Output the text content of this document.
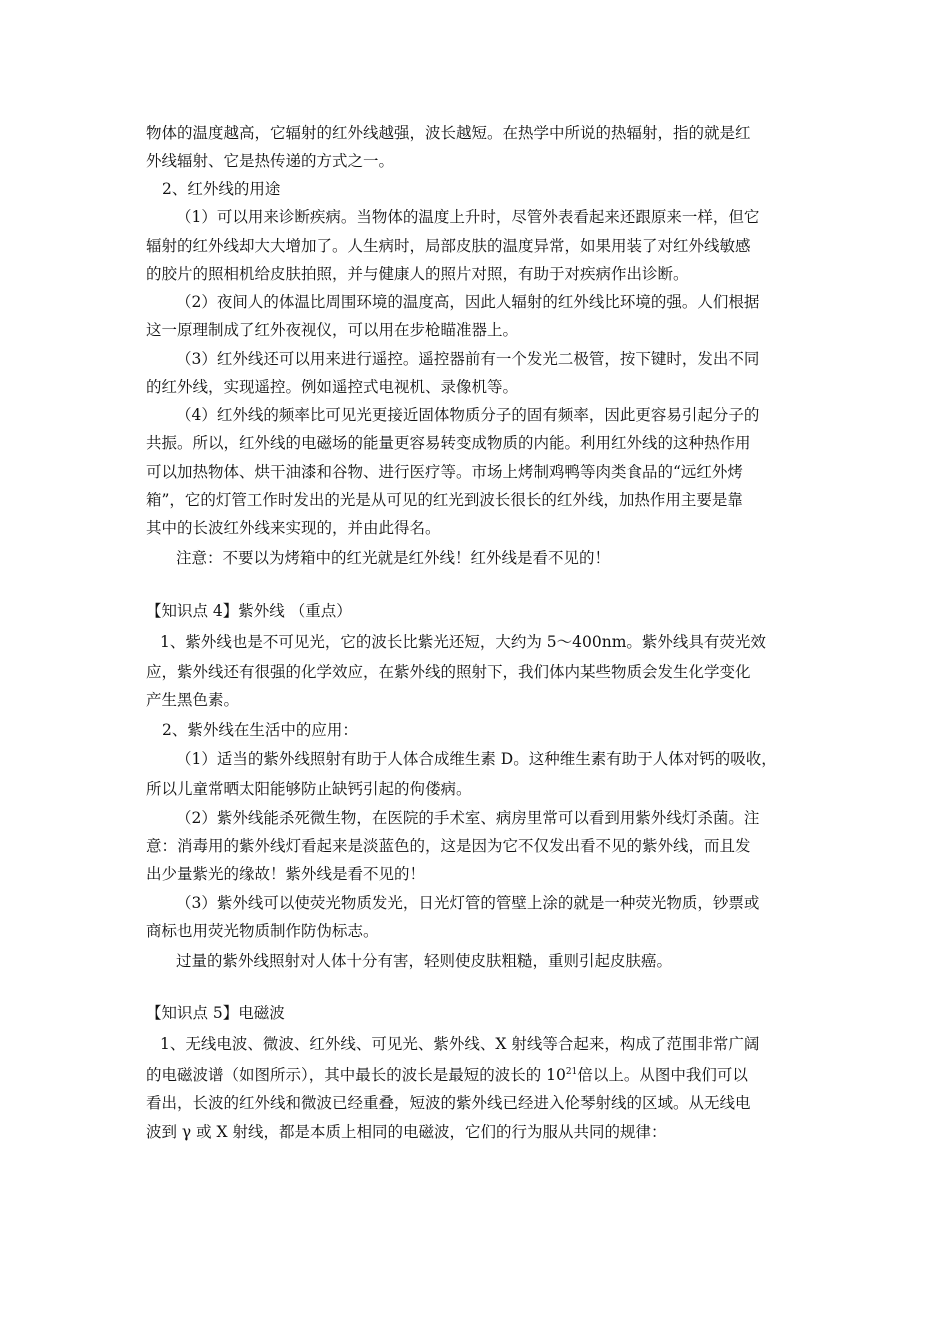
物体的温度越高，它辐射的红外线越强，波长越短。在热学中所说的热辐射，指的就是红
外线辐射、它是热传递的方式之一。
2、红外线的用途
（1）可以用来诊断疾病。当物体的温度上升时，尽管外表看起来还跟原来一样，但它
辐射的红外线却大大增加了。人生病时，局部皮肤的温度异常，如果用装了对红外线敏感
的胶片的照相机给皮肤拍照，并与健康人的照片对照，有助于对疾病作出诊断。
（2）夜间人的体温比周围环境的温度高，因此人辐射的红外线比环境的强。人们根据
这一原理制成了红外夜视仪，可以用在步枪瞄准器上。
（3）红外线还可以用来进行遥控。遥控器前有一个发光二极管，按下键时，发出不同
的红外线，实现遥控。例如遥控式电视机、录像机等。
（4）红外线的频率比可见光更接近固体物质分子的固有频率，因此更容易引起分子的
共振。所以，红外线的电磁场的能量更容易转变成物质的内能。利用红外线的这种热作用
可以加热物体、烘干油漆和谷物、进行医疗等。市场上烤制鸡鸭等肉类食品的“远红外烤
箱”，它的灯管工作时发出的光是从可见的红光到波长很长的红外线，加热作用主要是靠
其中的长波红外线来实现的，并由此得名。
注意：不要以为烤箱中的红光就是红外线！红外线是看不见的！
【知识点 4】紫外线 （重点）
1、紫外线也是不可见光，它的波长比紫光还短，大约为 5～400nm。紫外线具有荧光效
应，紫外线还有很强的化学效应，在紫外线的照射下，我们体内某些物质会发生化学变化
产生黑色素。
2、紫外线在生活中的应用：
（1）适当的紫外线照射有助于人体合成维生素 D。这种维生素有助于人体对钙的吸收，
所以儿童常晒太阳能够防止缺钙引起的佝偻病。
（2）紫外线能杀死微生物，在医院的手术室、病房里常可以看到用紫外线灯杀菌。注
意：消毒用的紫外线灯看起来是淡蓝色的，这是因为它不仅发出看不见的紫外线，而且发
出少量紫光的缘故！紫外线是看不见的！
（3）紫外线可以使荧光物质发光，日光灯管的管壁上涂的就是一种荧光物质，钞票或
商标也用荧光物质制作防伪标志。
过量的紫外线照射对人体十分有害，轻则使皮肤粗糙，重则引起皮肤癌。
【知识点 5】电磁波
1、无线电波、微波、红外线、可见光、紫外线、X 射线等合起来，构成了范围非常广阔
的电磁波谱（如图所示），其中最长的波长是最短的波长的 $10^{21}$倍以上。从图中我们可以
看出，长波的红外线和微波已经重叠，短波的紫外线已经进入伦琴射线的区域。从无线电
波到 γ 或 X 射线，都是本质上相同的电磁波，它们的行为服从共同的规律：
